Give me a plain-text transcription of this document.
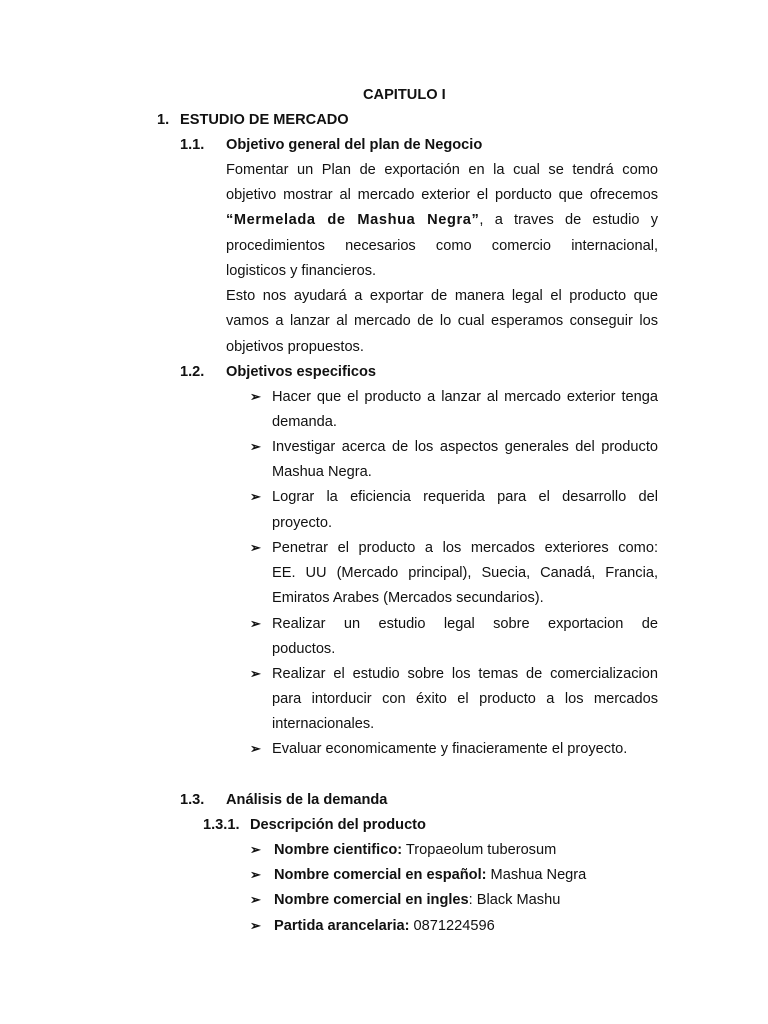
CAPITULO I
1. ESTUDIO DE MERCADO
1.1. Objetivo general del plan de Negocio
Fomentar un Plan de exportación en la cual se tendrá como
objetivo mostrar al mercado exterior el porducto que ofrecemos
“Mermelada de Mashua Negra”, a traves de estudio y
procedimientos necesarios como comercio internacional,
logisticos y financieros.
Esto nos ayudará a exportar de manera legal el producto que
vamos a lanzar al mercado de lo cual esperamos conseguir los
objetivos propuestos.
1.2. Objetivos especificos
➢ Hacer que el producto a lanzar al mercado exterior tenga
demanda.
➢ Investigar acerca de los aspectos generales del producto
Mashua Negra.
➢ Lograr la eficiencia requerida para el desarrollo del
proyecto.
➢ Penetrar el producto a los mercados exteriores como:
EE. UU (Mercado principal), Suecia, Canadá, Francia,
Emiratos Arabes (Mercados secundarios).
➢ Realizar un estudio legal sobre exportacion de
poductos.
➢ Realizar el estudio sobre los temas de comercializacion
para intorducir con éxito el producto a los mercados
internacionales.
➢ Evaluar economicamente y finacieramente el proyecto.
1.3. Análisis de la demanda
1.3.1. Descripción del producto
➢ Nombre cientifico: Tropaeolum tuberosum
➢ Nombre comercial en español: Mashua Negra
➢ Nombre comercial en ingles: Black Mashu
➢ Partida arancelaria: 0871224596
